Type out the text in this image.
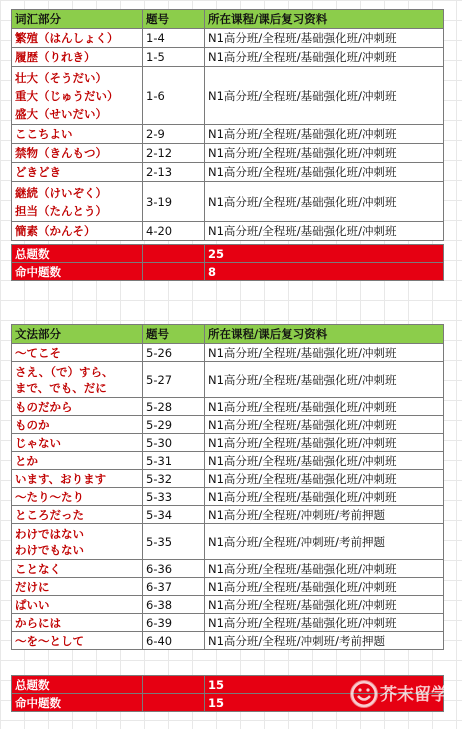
词汇部分	题号	所在课程/课后复习资料
繁殖（はんしょく）	1-4	N1高分班/全程班/基础强化班/冲刺班
履歴（りれき）	1-5	N1高分班/全程班/基础强化班/冲刺班
壮大（そうだい）
重大（じゅうだい）
盛大（せいだい）	1-6	N1高分班/全程班/基础强化班/冲刺班
ここちよい	2-9	N1高分班/全程班/基础强化班/冲刺班
禁物（きんもつ）	2-12	N1高分班/全程班/基础强化班/冲刺班
どきどき	2-13	N1高分班/全程班/基础强化班/冲刺班
継続（けいぞく）
担当（たんとう）	3-19	N1高分班/全程班/基础强化班/冲刺班
簡素（かんそ）	4-20	N1高分班/全程班/基础强化班/冲刺班
总题数		25
命中题数		8
文法部分	题号	所在课程/课后复习资料
～てこそ	5-26	N1高分班/全程班/基础强化班/冲刺班
さえ、（で）すら、
まで、でも、だに	5-27	N1高分班/全程班/基础强化班/冲刺班
ものだから	5-28	N1高分班/全程班/基础强化班/冲刺班
ものか	5-29	N1高分班/全程班/基础强化班/冲刺班
じゃない	5-30	N1高分班/全程班/基础强化班/冲刺班
とか	5-31	N1高分班/全程班/基础强化班/冲刺班
います、おります	5-32	N1高分班/全程班/基础强化班/冲刺班
～たり～たり	5-33	N1高分班/全程班/基础强化班/冲刺班
ところだった	5-34	N1高分班/全程班/冲刺班/考前押题
わけではない
わけでもない	5-35	N1高分班/全程班/冲刺班/考前押题
ことなく	6-36	N1高分班/全程班/基础强化班/冲刺班
だけに	6-37	N1高分班/全程班/基础强化班/冲刺班
ぱいい	6-38	N1高分班/全程班/基础强化班/冲刺班
からには	6-39	N1高分班/全程班/基础强化班/冲刺班
～を～として	6-40	N1高分班/全程班/冲刺班/考前押题
总题数		15
命中题数		15	芥末留学
